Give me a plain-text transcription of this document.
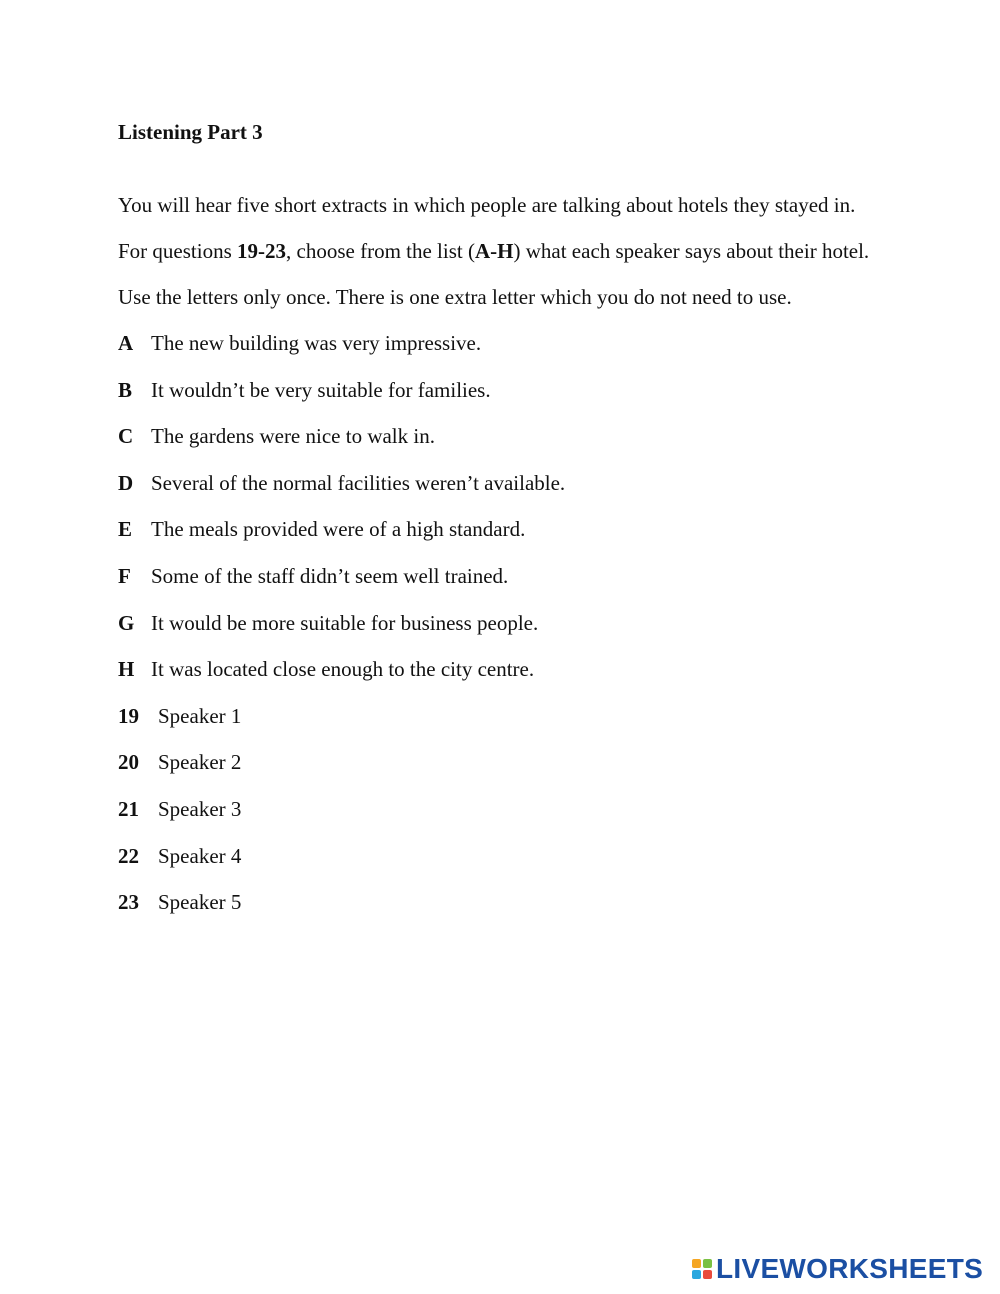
Listening Part 3

You will hear five short extracts in which people are talking about hotels they stayed in.

For questions 19-23, choose from the list (A-H) what each speaker says about their hotel.

Use the letters only once. There is one extra letter which you do not need to use.

A The new building was very impressive.
B It wouldn’t be very suitable for families.
C The gardens were nice to walk in.
D Several of the normal facilities weren’t available.
E The meals provided were of a high standard.
F Some of the staff didn’t seem well trained.
G It would be more suitable for business people.
H It was located close enough to the city centre.
19 Speaker 1
20 Speaker 2
21 Speaker 3
22 Speaker 4
23 Speaker 5
LIVEWORKSHEETS
